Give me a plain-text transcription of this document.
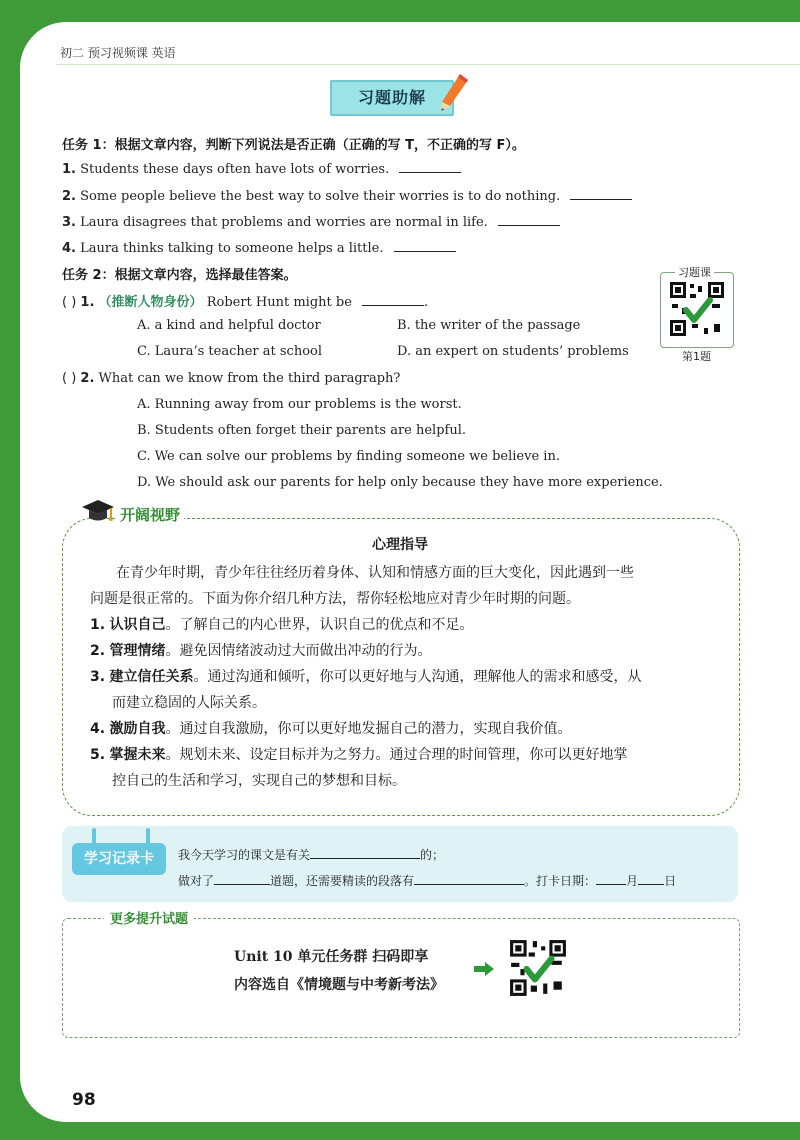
初二 预习视频课 英语
习题助解
任务 1：根据文章内容，判断下列说法是否正确（正确的写 T，不正确的写 F）。
1. Students these days often have lots of worries.
2. Some people believe the best way to solve their worries is to do nothing.
3. Laura disagrees that problems and worries are normal in life.
4. Laura thinks talking to someone helps a little.
任务 2：根据文章内容，选择最佳答案。
( ) 1. （推断人物身份） Robert Hunt might be	.
A. a kind and helpful doctor	B. the writer of the passage
C. Laura’s teacher at school	D. an expert on students’ problems
习题课
第1题
( ) 2. What can we know from the third paragraph?
A. Running away from our problems is the worst.
B. Students often forget their parents are helpful.
C. We can solve our problems by finding someone we believe in.
D. We should ask our parents for help only because they have more experience.
开阔视野
心理指导
在青少年时期，青少年往往经历着身体、认知和情感方面的巨大变化，因此遇到一些
问题是很正常的。下面为你介绍几种方法，帮你轻松地应对青少年时期的问题。
1. 认识自己。了解自己的内心世界，认识自己的优点和不足。
2. 管理情绪。避免因情绪波动过大而做出冲动的行为。
3. 建立信任关系。通过沟通和倾听，你可以更好地与人沟通，理解他人的需求和感受，从
而建立稳固的人际关系。
4. 激励自我。通过自我激励，你可以更好地发掘自己的潜力，实现自我价值。
5. 掌握未来。规划未来、设定目标并为之努力。通过合理的时间管理，你可以更好地掌
控自己的生活和学习，实现自己的梦想和目标。
学习记录卡	我今天学习的课文是有关	的；
做对了	道题，还需要精读的段落有	。打卡日期：	月 日
更多提升试题
Unit 10 单元任务群 扫码即享
内容选自《情境题与中考新考法》
98
